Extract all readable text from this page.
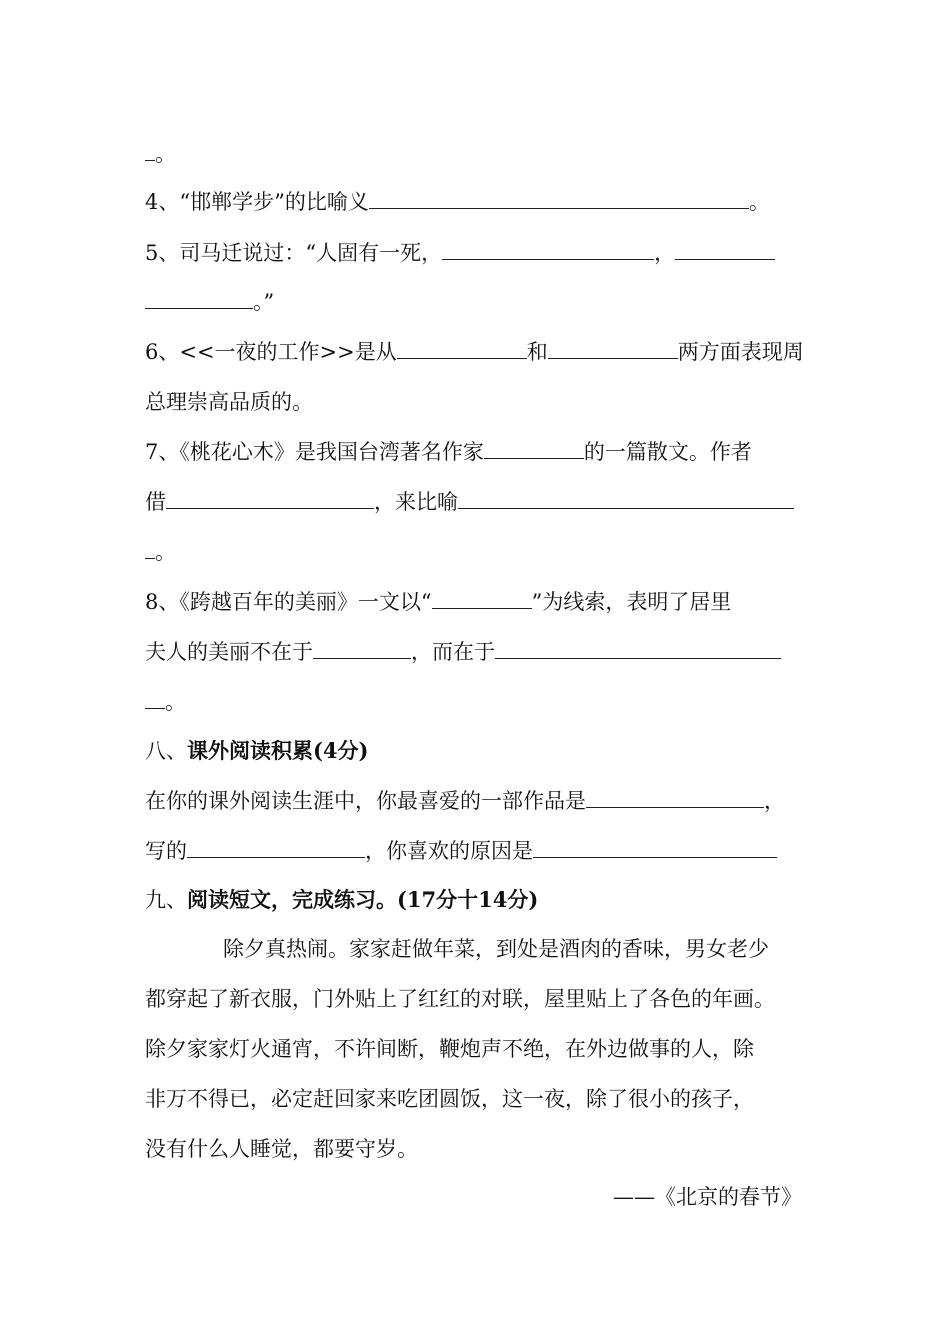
。
4、“邯郸学步”的比喻义	。
5、司马迁说过：“人固有一死，	，
。”
6、<<一夜的工作>>是从	和	两方面表现周
总理崇高品质的。
7、《桃花心木》是我国台湾著名作家	的一篇散文。作者
借	，来比喻
。
8、《跨越百年的美丽》一文以“	”为线索，表明了居里
夫人的美丽不在于	，而在于
。
八、课外阅读积累(4分)
在你的课外阅读生涯中，你最喜爱的一部作品是	，
写的	，你喜欢的原因是
九、阅读短文，完成练习。(17分十14分)
除夕真热闹。家家赶做年菜，到处是酒肉的香味，男女老少
都穿起了新衣服，门外贴上了红红的对联，屋里贴上了各色的年画。
除夕家家灯火通宵，不许间断，鞭炮声不绝，在外边做事的人，除
非万不得已，必定赶回家来吃团圆饭，这一夜，除了很小的孩子，
没有什么人睡觉，都要守岁。
——《北京的春节》
